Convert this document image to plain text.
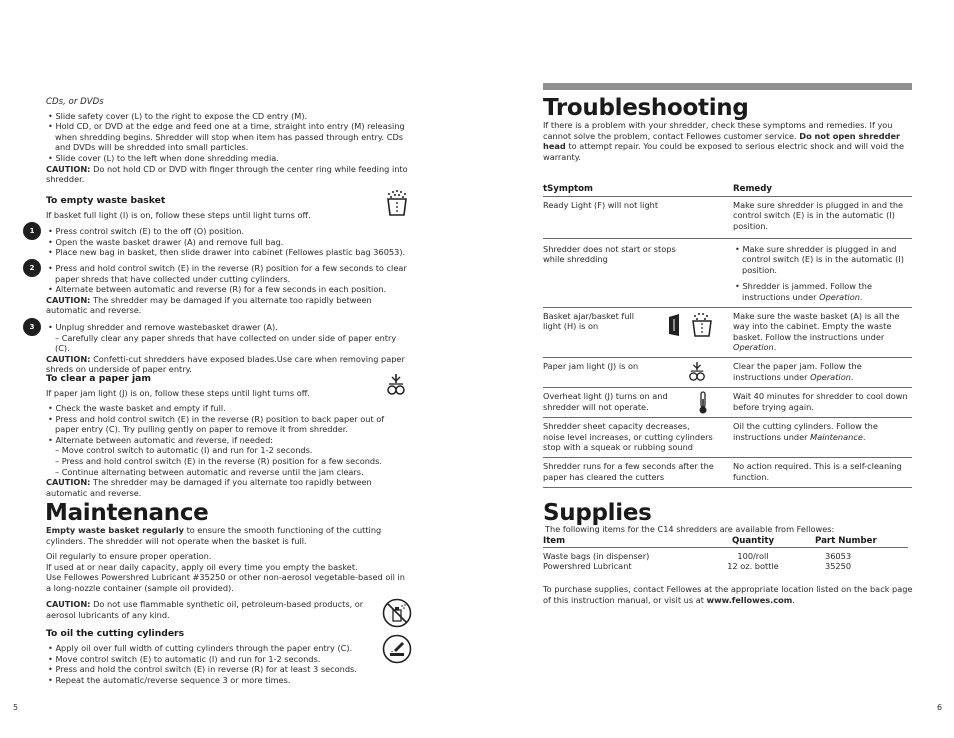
CDs, or DVDs
• Slide safety cover (L) to the right to expose the CD entry (M).
• Hold CD, or DVD at the edge and feed one at a time, straight into entry (M) releasing when shredding begins. Shredder will stop when item has passed through entry. CDs and DVDs will be shredded into small particles.
• Slide cover (L) to the left when done shredding media.
CAUTION: Do not hold CD or DVD with finger through the center ring while feeding into shredder.
To empty waste basket
If basket full light (I) is on, follow these steps until light turns off.
1	• Press control switch (E) to the off (O) position.
• Open the waste basket drawer (A) and remove full bag.
• Place new bag in basket, then slide drawer into cabinet (Fellowes plastic bag 36053).
2	• Press and hold control switch (E) in the reverse (R) position for a few seconds to clear paper shreds that have collected under cutting cylinders.
• Alternate between automatic and reverse (R) for a few seconds in each position.
CAUTION: The shredder may be damaged if you alternate too rapidly between automatic and reverse.
3	• Unplug shredder and remove wastebasket drawer (A).
– Carefully clear any paper shreds that have collected on under side of paper entry (C).
CAUTION: Confetti-cut shredders have exposed blades.Use care when removing paper shreds on underside of paper entry.
To clear a paper jam
If paper jam light (J) is on, follow these steps until light turns off.
• Check the waste basket and empty if full.
• Press and hold control switch (E) in the reverse (R) position to back paper out of paper entry (C). Try pulling gently on paper to remove it from shredder.
• Alternate between automatic and reverse, if needed:
– Move control switch to automatic (I) and run for 1-2 seconds.
– Press and hold control switch (E) in the reverse (R) position for a few seconds.
– Continue alternating between automatic and reverse until the jam clears.
CAUTION: The shredder may be damaged if you alternate too rapidly between automatic and reverse.
Maintenance
Empty waste basket regularly to ensure the smooth functioning of the cutting cylinders. The shredder will not operate when the basket is full.
Oil regularly to ensure proper operation.
If used at or near daily capacity, apply oil every time you empty the basket.
Use Fellowes Powershred Lubricant #35250 or other non-aerosol vegetable-based oil in a long-nozzle container (sample oil provided).
CAUTION: Do not use flammable synthetic oil, petroleum-based products, or aerosol lubricants of any kind.
To oil the cutting cylinders
• Apply oil over full width of cutting cylinders through the paper entry (C).
• Move control switch (E) to automatic (I) and run for 1-2 seconds.
• Press and hold the control switch (E) in reverse (R) for at least 3 seconds.
• Repeat the automatic/reverse sequence 3 or more times.
5
Troubleshooting
If there is a problem with your shredder, check these symptoms and remedies. If you cannot solve the problem, contact Fellowes customer service. Do not open shredder head to attempt repair. You could be exposed to serious electric shock and will void the warranty.
tSymptom	Remedy

Ready Light (F) will not light	Make sure shredder is plugged in and the control switch (E) is in the automatic (I) position.

Shredder does not start or stops while shredding	• Make sure shredder is plugged in and control switch (E) is in the automatic (I) position.
• Shredder is jammed. Follow the instructions under Operation.

Basket ajar/basket full light (H) is on	Make sure the waste basket (A) is all the way into the cabinet. Empty the waste basket. Follow the instructions under Operation.

Paper jam light (J) is on	Clear the paper jam. Follow the instructions under Operation.

Overheat light (J) turns on and shredder will not operate.	Wait 40 minutes for shredder to cool down before trying again.

Shredder sheet capacity decreases, noise level increases, or cutting cylinders stop with a squeak or rubbing sound	Oil the cutting cylinders. Follow the instructions under Maintenance.

Shredder runs for a few seconds after the paper has cleared the cutters	No action required. This is a self-cleaning function.
Supplies
The following items for the C14 shredders are available from Fellowes:
Item	Quantity	Part Number
Waste bags (in dispenser)	100/roll	36053
Powershred Lubricant	12 oz. bottle	35250
To purchase supplies, contact Fellowes at the appropriate location listed on the back page of this instruction manual, or visit us at www.fellowes.com.
6
